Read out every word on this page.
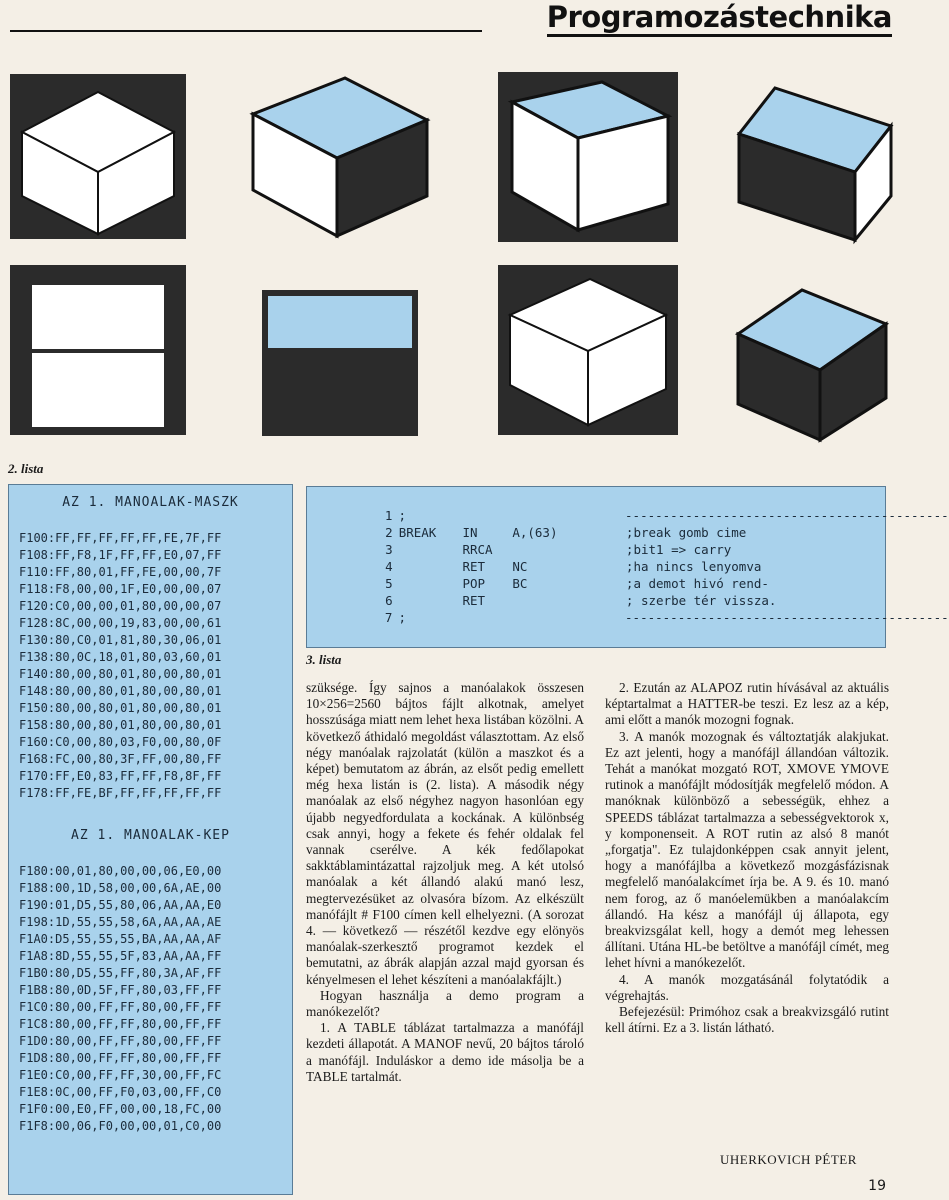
Programozástechnika
2. lista
AZ 1. MANOALAK-MASZK
F100:FF,FF,FF,FF,FF,FE,7F,FF
F108:FF,F8,1F,FF,FF,E0,07,FF
F110:FF,80,01,FF,FE,00,00,7F
F118:F8,00,00,1F,E0,00,00,07
F120:C0,00,00,01,80,00,00,07
F128:8C,00,00,19,83,00,00,61
F130:80,C0,01,81,80,30,06,01
F138:80,0C,18,01,80,03,60,01
F140:80,00,80,01,80,00,80,01
F148:80,00,80,01,80,00,80,01
F150:80,00,80,01,80,00,80,01
F158:80,00,80,01,80,00,80,01
F160:C0,00,80,03,F0,00,80,0F
F168:FC,00,80,3F,FF,00,80,FF
F170:FF,E0,83,FF,FF,F8,8F,FF
F178:FF,FE,BF,FF,FF,FF,FF,FF
AZ 1. MANOALAK-KEP
F180:00,01,80,00,00,06,E0,00
F188:00,1D,58,00,00,6A,AE,00
F190:01,D5,55,80,06,AA,AA,E0
F198:1D,55,55,58,6A,AA,AA,AE
F1A0:D5,55,55,55,BA,AA,AA,AF
F1A8:8D,55,55,5F,83,AA,AA,FF
F1B0:80,D5,55,FF,80,3A,AF,FF
F1B8:80,0D,5F,FF,80,03,FF,FF
F1C0:80,00,FF,FF,80,00,FF,FF
F1C8:80,00,FF,FF,80,00,FF,FF
F1D0:80,00,FF,FF,80,00,FF,FF
F1D8:80,00,FF,FF,80,00,FF,FF
F1E0:C0,00,FF,FF,30,00,FF,FC
F1E8:0C,00,FF,F0,03,00,FF,C0
F1F0:00,E0,FF,00,00,18,FC,00
F1F8:00,06,F0,00,00,01,C0,00
1 ;	-------------------------------------------
2 BREAK	IN	A,(63)	;break gomb cime
3	RRCA	;bit1 => carry
4	RET	NC	;ha nincs lenyomva
5	POP	BC	;a demot hivó rend-
6	RET	; szerbe tér vissza.
7 ;	-------------------------------------------
3. lista

szüksége. Így sajnos a manóalakok összesen 10×256=2560 bájtos fájlt alkotnak, amelyet hosszúsága miatt nem lehet hexa listában közölni. A következő áthidaló megoldást választottam. Az első négy manóalak rajzolatát (külön a maszkot és a képet) bemutatom az ábrán, az elsőt pedig emellett még hexa listán is (2. lista). A második négy manóalak az első négyhez nagyon hasonlóan egy újabb negyedfordulata a kockának. A különbség csak annyi, hogy a fekete és fehér oldalak fel vannak cserélve. A kék fedőlapokat sakktáblamintázattal rajzoljuk meg. A két utolsó manóalak a két állandó alakú manó lesz, megtervezésüket az olvasóra bízom. Az elkészült manófájlt # F100 címen kell elhelyezni. (A sorozat 4. — következő — részétől kezdve egy elönyös manóalak-szerkesztő programot kezdek el bemutatni, az ábrák alapján azzal majd gyorsan és kényelmesen el lehet készíteni a manóalakfájlt.)

Hogyan használja a demo program a manókezelőt?

1. A TABLE táblázat tartalmazza a manófájl kezdeti állapotát. A MANOF nevű, 20 bájtos tároló a manófájl. Induláskor a demo ide másolja be a TABLE tartalmát.

2. Ezután az ALAPOZ rutin hívásával az aktuális képtartalmat a HATTER-be teszi. Ez lesz az a kép, ami előtt a manók mozogni fognak.

3. A manók mozognak és változtatják alakjukat. Ez azt jelenti, hogy a manófájl állandóan változik. Tehát a manókat mozgató ROT, XMOVE YMOVE rutinok a manófájlt módosítják megfelelő módon. A manóknak különböző a sebességük, ehhez a SPEEDS táblázat tartalmazza a sebességvektorok x, y komponenseit. A ROT rutin az alsó 8 manót „forgatja". Ez tulajdonképpen csak annyit jelent, hogy a manófájlba a következő mozgásfázisnak megfelelő manóalakcímet írja be. A 9. és 10. manó nem forog, az ő manóelemükben a manóalakcím állandó. Ha kész a manófájl új állapota, egy breakvizsgálat kell, hogy a demót meg lehessen állítani. Utána HL-be betöltve a manófájl címét, meg lehet hívni a manókezelőt.

4. A manók mozgatásánál folytatódik a végrehajtás.

Befejezésül: Primóhoz csak a breakvizsgáló rutint kell átírni. Ez a 3. listán látható.

UHERKOVICH PÉTER
19
